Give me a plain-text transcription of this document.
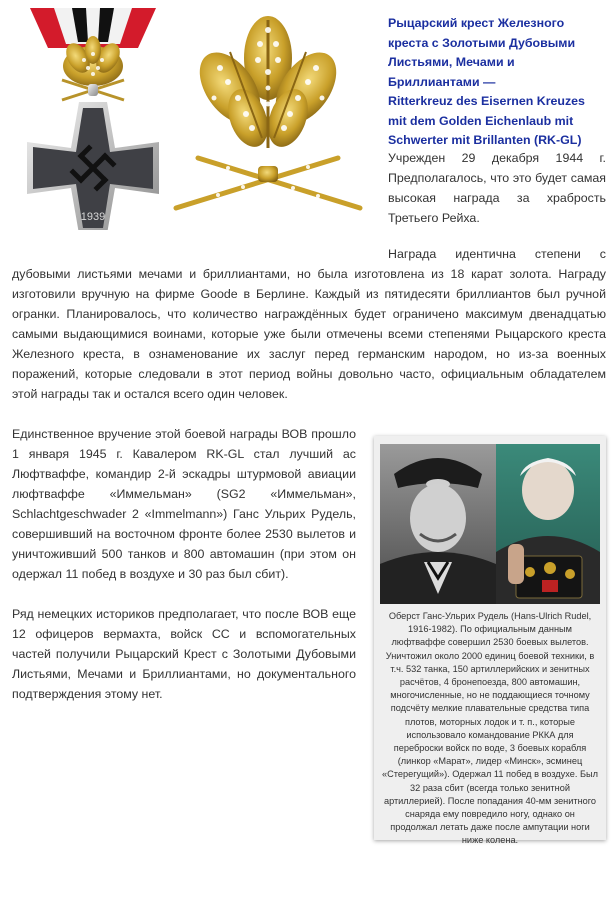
1939

Рыцарский крест Железного креста с Золотыми Дубовыми Листьями, Мечами и Бриллиантами —

Ritterkreuz des Eisernen Kreuzes mit dem Golden Eichenlaub mit Schwerter mit Brillanten (RK-GL)

Учрежден 29 декабря 1944 г. Предполагалось, что это будет самая высокая награда за храбрость Третьего Рейха.

Награда идентична степени с дубовыми листьями мечами и бриллиантами, но была изготовлена из 18 карат золота. Награду изготовили вручную на фирме Goode в Берлине. Каждый из пятидесяти бриллиантов был ручной огранки. Планировалось, что количество награждённых будет ограничено максимум двенадцатью самыми выдающимися воинами, которые уже были отмечены всеми степенями Рыцарского креста Железного креста, в ознаменование их заслуг перед германским народом, но из-за военных поражений, которые следовали в этот период войны довольно часто, официальным обладателем этой награды так и остался всего один человек.

Единственное вручение этой боевой награды ВОВ прошло 1 января 1945 г. Кавалером RK-GL стал лучший ас Люфтваффе, командир 2-й эскадры штурмовой авиации люфтваффе «Иммельман» (SG2 «Иммельман», Schlachtgeschwader 2 «Immelmann») Ганс Ульрих Рудель, совершивший на восточном фронте более 2530 вылетов и уничтоживший 500 танков и 800 автомашин (при этом он одержал 11 побед в воздухе и 30 раз был сбит).

Ряд немецких историков предполагает, что после ВОВ еще 12 офицеров вермахта, войск СС и вспомогательных частей получили Рыцарский Крест с Золотыми Дубовыми Листьями, Мечами и Бриллиантами, но документального подтверждения этому нет.

Оберст Ганс-Ульрих Рудель (Hans-Ulrich Rudel, 1916-1982). По официальным данным люфтваффе совершил 2530 боевых вылетов. Уничтожил около 2000 единиц боевой техники, в т.ч. 532 танка, 150 артиллерийских и зенитных расчётов, 4 бронепоезда, 800 автомашин, многочисленные, но не поддающиеся точному подсчёту мелкие плавательные средства типа плотов, моторных лодок и т. п., которые использовало командование РККА для переброски войск по воде, 3 боевых корабля (линкор «Марат», лидер «Минск», эсминец «Стерегущий»). Одержал 11 побед в воздухе. Был 32 раза сбит (всегда только зенитной артиллерией). После попадания 40-мм зенитного снаряда ему повредило ногу, однако он продолжал летать даже после ампутации ноги ниже колена.
